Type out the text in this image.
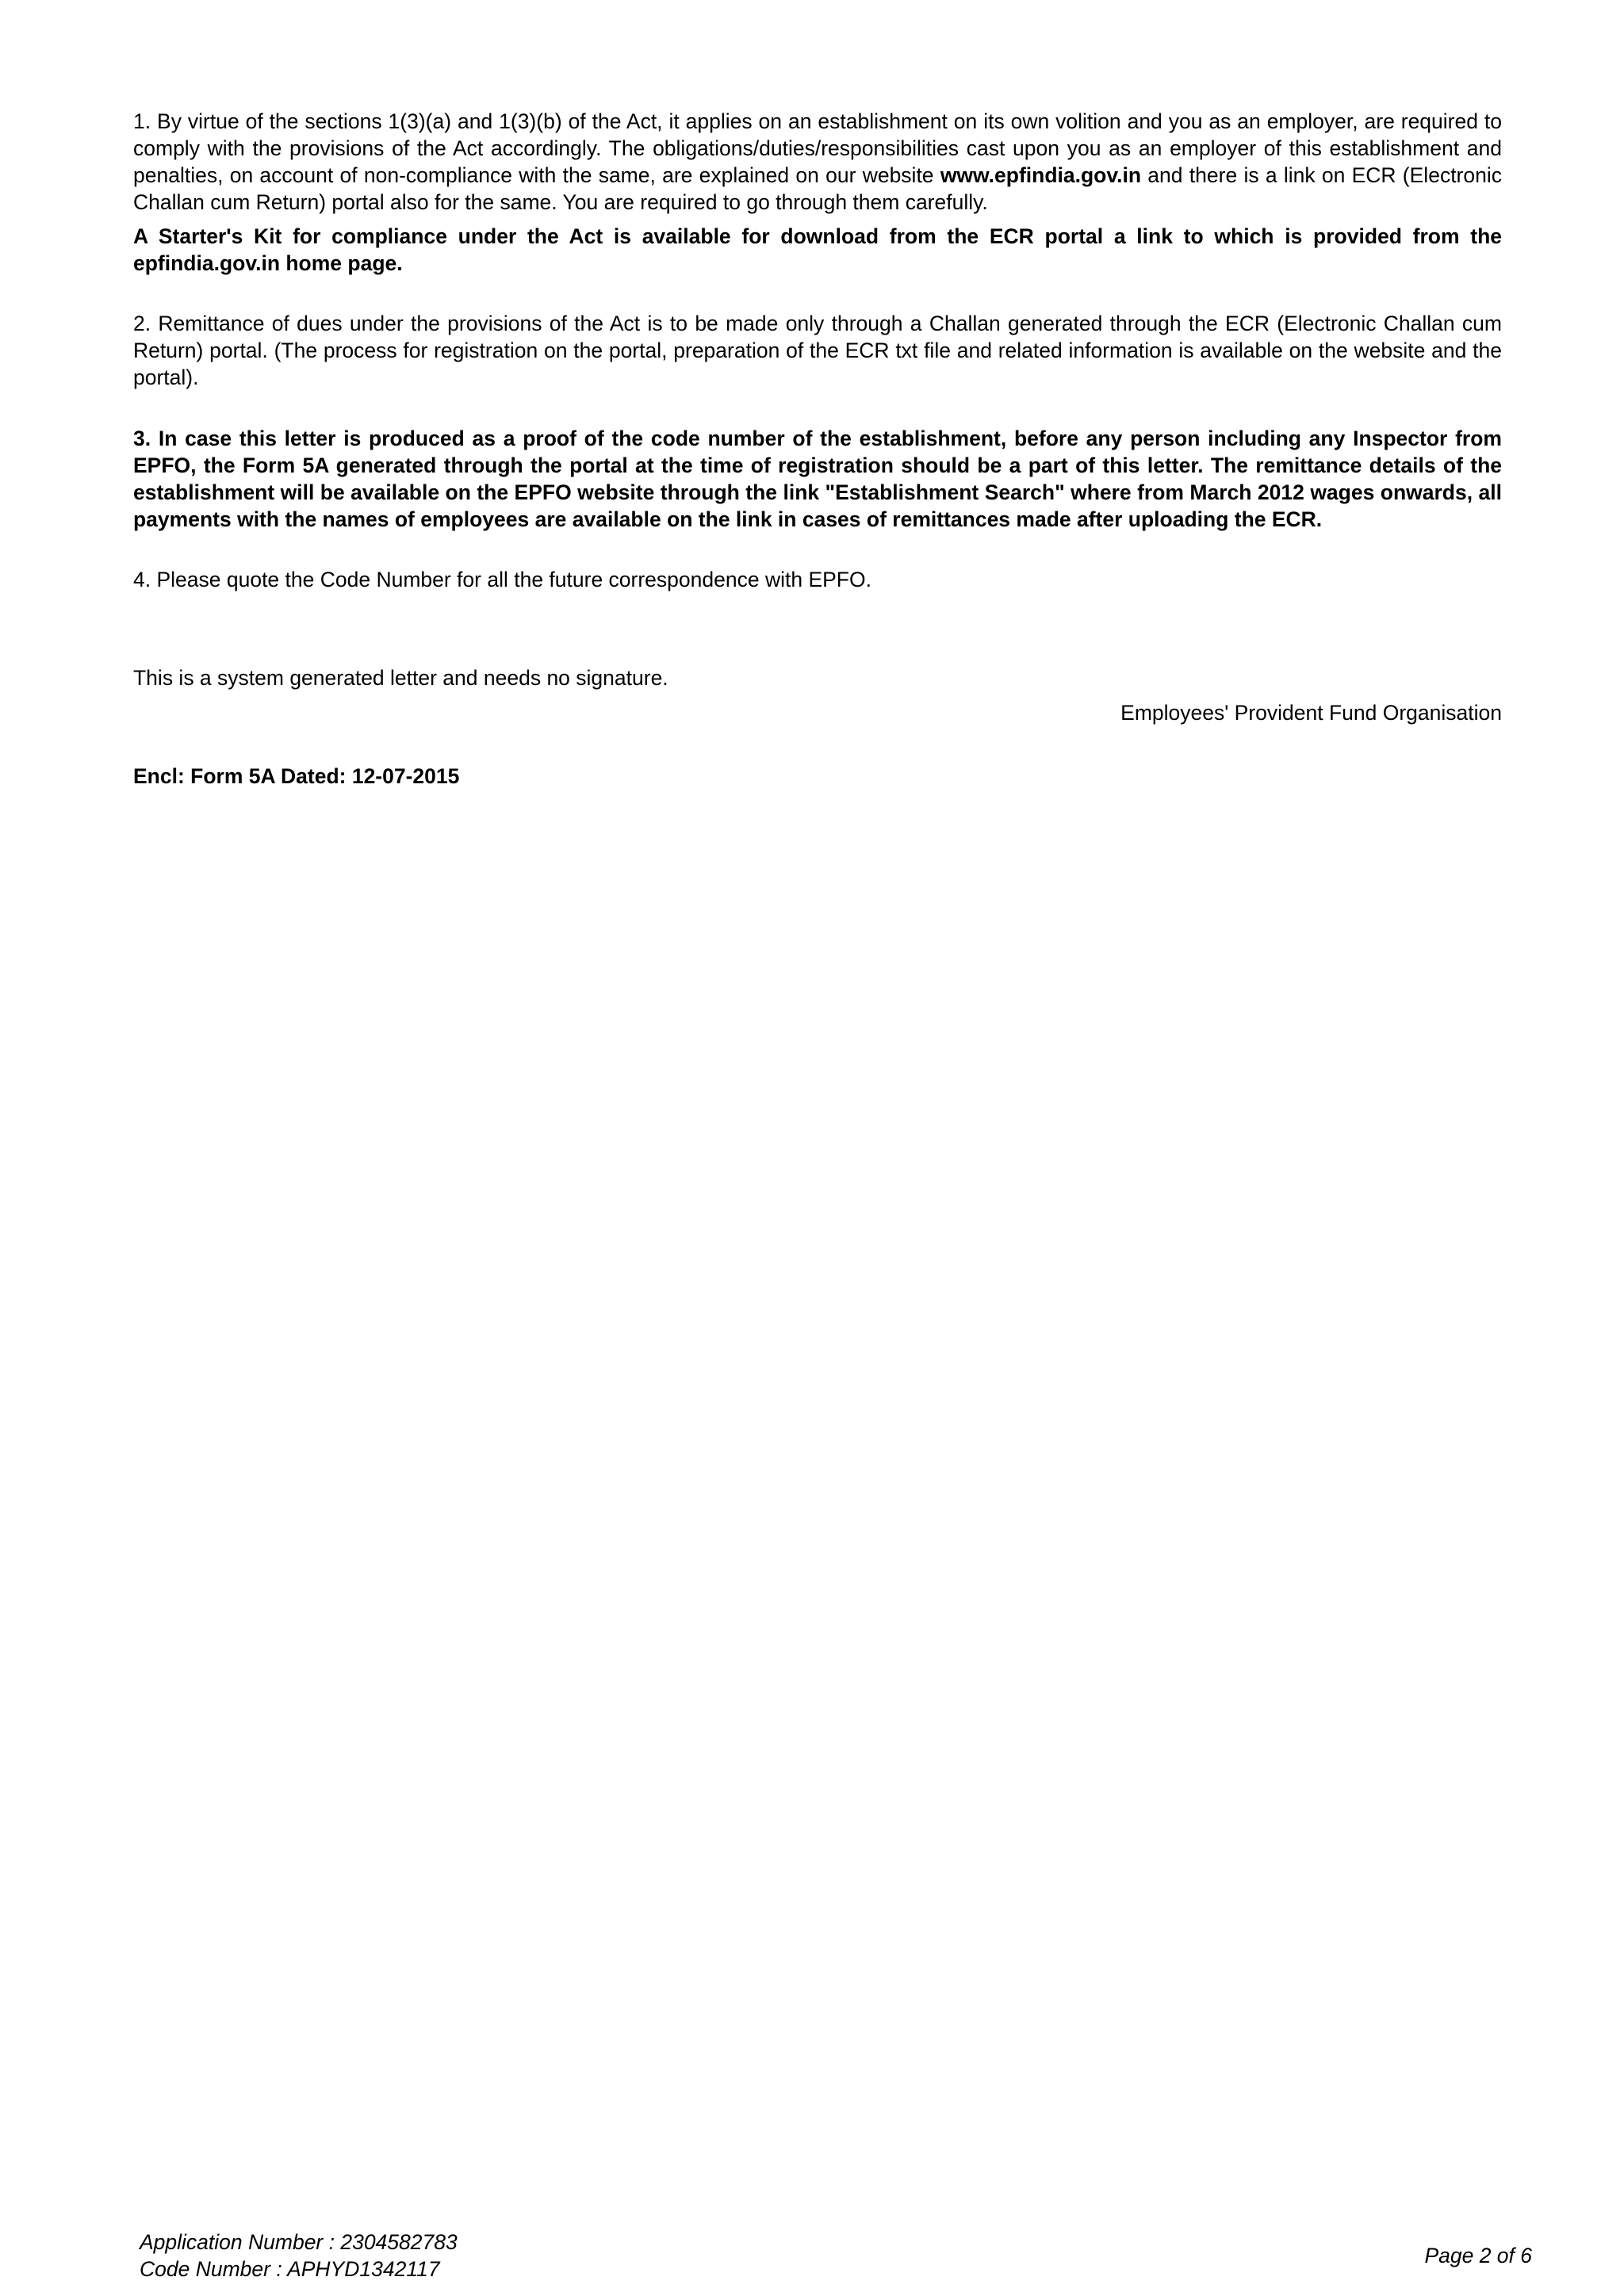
1. By virtue of the sections 1(3)(a) and 1(3)(b) of the Act, it applies on an establishment on its own volition and you as an employer, are required to comply with the provisions of the Act accordingly. The obligations/duties/responsibilities cast upon you as an employer of this establishment and penalties, on account of non-compliance with the same, are explained on our website www.epfindia.gov.in and there is a link on ECR (Electronic Challan cum Return) portal also for the same. You are required to go through them carefully.

A Starter's Kit for compliance under the Act is available for download from the ECR portal a link to which is provided from the epfindia.gov.in home page.

2. Remittance of dues under the provisions of the Act is to be made only through a Challan generated through the ECR (Electronic Challan cum Return) portal. (The process for registration on the portal, preparation of the ECR txt file and related information is available on the website and the portal).

3. In case this letter is produced as a proof of the code number of the establishment, before any person including any Inspector from EPFO, the Form 5A generated through the portal at the time of registration should be a part of this letter. The remittance details of the establishment will be available on the EPFO website through the link "Establishment Search" where from March 2012 wages onwards, all payments with the names of employees are available on the link in cases of remittances made after uploading the ECR.

4. Please quote the Code Number for all the future correspondence with EPFO.

This is a system generated letter and needs no signature.

Employees' Provident Fund Organisation

Encl: Form 5A Dated: 12-07-2015

Application Number : 2304582783
Code Number : APHYD1342117
Page 2 of 6
